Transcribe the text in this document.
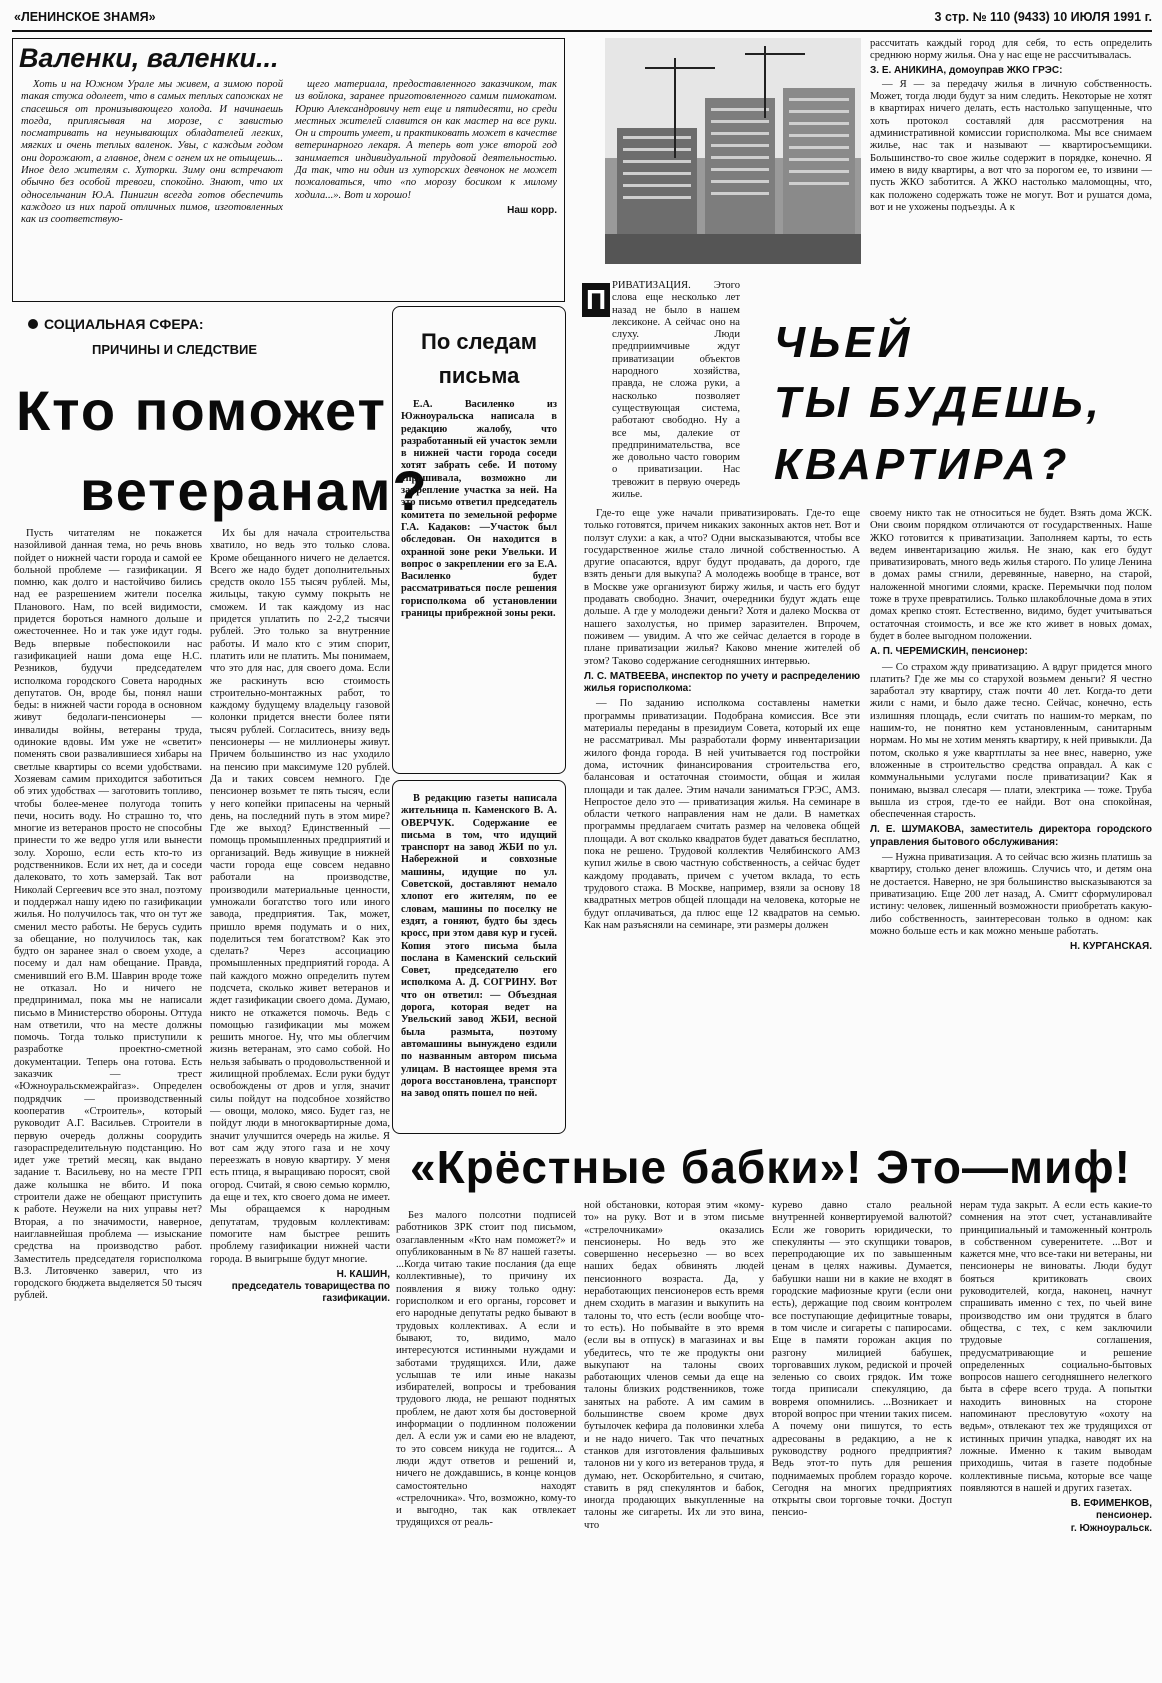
«ЛЕНИНСКОЕ ЗНАМЯ»	3 стр. № 110 (9433) 10 ИЮЛЯ 1991 г.
Валенки, валенки...

Хоть и на Южном Урале мы живем, а зимою порой такая стужа одолеет, что в самых теплых сапожках не спасешься от пронизывающего холода. И начинаешь тогда, приплясывая на морозе, с завистью посматривать на неунывающих обладателей легких, мягких и очень теплых валенок. Увы, с каждым годом они дорожают, а главное, днем с огнем их не отыщешь... Иное дело жителям с. Хуторки. Зиму они встречают обычно без особой тревоги, спокойно. Знают, что их односельчанин Ю.А. Пинигин всегда готов обеспечить каждого из них парой отличных пимов, изготовленных как из соответствую-

щего материала, предоставленного заказчиком, так из войлока, заранее приготовленного самим пимокатом. Юрию Александровичу нет еще и пятидесяти, но среди местных жителей славится он как мастер на все руки. Он и строить умеет, и практиковать может в качестве ветеринарного лекаря. А теперь вот уже второй год занимается индивидуальной трудовой деятельностью. Да так, что ни один из хуторских девчонок не может пожаловаться, что «по морозу босиком к милому ходила...». Вот и хорошо!

Наш корр.

рассчитать каждый город для себя, то есть определить среднюю норму жилья. Она у нас еще не рассчитывалась.

З. Е. АНИКИНА, домоуправ ЖКО ГРЭС:

— Я — за передачу жилья в личную собственность. Может, тогда люди будут за ним следить. Некоторые не хотят в квартирах ничего делать, есть настолько запущенные, что хоть протокол составляй для рассмотрения на административной комиссии горисполкома. Мы все снимаем жилье, нас так и называют — квартиросъемщики. Большинство-то свое жилье содержит в порядке, конечно. Я имею в виду квартиры, а вот что за порогом ее, то извини — пусть ЖКО заботится. А ЖКО настолько маломощны, что, как положено содержать тоже не могут. Вот и рушатся дома, вот и не ухожены подъезды. А к

СОЦИАЛЬНАЯ СФЕРА:
ПРИЧИНЫ И СЛЕДСТВИЕ
Кто поможет
ветеранам?

Пусть читателям не покажется назойливой данная тема, но речь вновь пойдет о нижней части города и самой ее больной проблеме — газификации. Я помню, как долго и настойчиво бились над ее разрешением жители поселка Планового. Нам, по всей видимости, придется бороться намного дольше и ожесточеннее. Но и так уже идут годы. Ведь впервые побеспокоили нас газификацией наши дома еще Н.С. Резников, будучи председателем исполкома городского Совета народных депутатов. Он, вроде бы, понял наши беды: в нижней части города в основном живут бедолаги-пенсионеры — инвалиды войны, ветераны труда, одинокие вдовы. Им уже не «светит» поменять свои развалившиеся хибары на светлые квартиры со всеми удобствами. Хозяевам самим приходится заботиться об этих удобствах — заготовить топливо, чтобы более-менее полугода топить печи, носить воду. Но страшно то, что многие из ветеранов просто не способны принести то же ведро угля или вынести золу. Хорошо, если есть кто-то из родственников. Если их нет, да и соседи далековато, то хоть замерзай. Так вот Николай Сергеевич все это знал, поэтому и поддержал нашу идею по газификации жилья. Но получилось так, что он тут же сменил место работы. Не берусь судить за обещание, но получилось так, как будто он заранее знал о своем уходе, а посему и дал нам обещание. Правда, сменивший его В.М. Шаврин вроде тоже не отказал. Но и ничего не предпринимал, пока мы не написали письмо в Министерство обороны. Оттуда нам ответили, что на месте должны помочь. Тогда только приступили к разработке проектно-сметной документации. Теперь она готова. Есть заказчик — трест «Южноуральскмежрайгаз». Определен подрядчик — производственный кооператив «Строитель», который руководит А.Г. Васильев. Строители в первую очередь должны соорудить газораспределительную подстанцию. Но идет уже третий месяц, как выдано задание т. Васильеву, но на месте ГРП даже колышка не вбито. И пока строители даже не обещают приступить к работе. Неужели на них управы нет? Вторая, а по значимости, наверное, наиглавнейшая проблема — изыскание средства на производство работ. Заместитель председателя горисполкома В.З. Литовченко заверил, что из городского бюджета выделяется 50 тысяч рублей.

Их бы для начала строительства хватило, но ведь это только слова. Кроме обещанного ничего не делается. Всего же надо будет дополнительных средств около 155 тысяч рублей. Мы, жильцы, такую сумму покрыть не сможем. И так каждому из нас придется уплатить по 2-2,2 тысячи рублей. Это только за внутренние работы. И мало кто с этим спорит, платить или не платить. Мы понимаем, что это для нас, для своего дома. Если же раскинуть всю стоимость строительно-монтажных работ, то каждому будущему владельцу газовой колонки придется внести более пяти тысяч рублей. Согласитесь, внизу ведь пенсионеры — не миллионеры живут. Причем большинство из нас уходило на пенсию при максимуме 120 рублей. Да и таких совсем немного. Где пенсионер возьмет те пять тысяч, если у него копейки припасены на черный день, на последний путь в этом мире? Где же выход? Единственный — помощь промышленных предприятий и организаций. Ведь живущие в нижней части города еще совсем недавно работали на производстве, производили материальные ценности, умножали богатство того или иного завода, предприятия. Так, может, пришло время подумать и о них, поделиться тем богатством? Как это сделать? Через ассоциацию промышленных предприятий города. А пай каждого можно определить путем подсчета, сколько живет ветеранов и ждет газификации своего дома. Думаю, никто не откажется помочь. Ведь с помощью газификации мы можем решить многое. Ну, что мы облегчим жизнь ветеранам, это само собой. Но нельзя забывать о продовольственной и жилищной проблемах. Если руки будут освобождены от дров и угля, значит силы пойдут на подсобное хозяйство — овощи, молоко, мясо. Будет газ, не пойдут люди в многоквартирные дома, значит улучшится очередь на жилье. Я вот сам жду этого газа и не хочу переезжать в новую квартиру. У меня есть птица, я выращиваю поросят, свой огород. Считай, я свою семью кормлю, да еще и тех, кто своего дома не имеет. Мы обращаемся к народным депутатам, трудовым коллективам: помогите нам быстрее решить проблему газификации нижней части города. В выигрыше будут многие.

Н. КАШИН,
председатель товарищества по газификации.
По следам
письма

Е.А. Василенко из Южноуральска написала в редакцию жалобу, что разработанный ей участок земли в нижней части города соседи хотят забрать себе. И потому спрашивала, возможно ли закрепление участка за ней. На это письмо ответил председатель комитета по земельной реформе Г.А. Кадаков: —Участок был обследован. Он находится в охранной зоне реки Увельки. И вопрос о закреплении его за Е.А. Василенко будет рассматриваться после решения горисполкома об установлении границы прибрежной зоны реки.

В редакцию газеты написала жительница п. Каменского В. А. ОВЕРЧУК. Содержание ее письма в том, что идущий транспорт на завод ЖБИ по ул. Набережной и совхозные машины, идущие по ул. Советской, доставляют немало хлопот его жителям, по ее словам, машины по поселку не ездят, а гоняют, будто бы здесь кросс, при этом давя кур и гусей. Копия этого письма была послана в Каменский сельский Совет, председателю его исполкома А. Д. СОГРИНУ. Вот что он ответил: — Объездная дорога, которая ведет на Увельский завод ЖБИ, весной была размыта, поэтому автомашины вынуждено ездили по названным автором письма улицам. В настоящее время эта дорога восстановлена, транспорт на завод опять пошел по ней.

П РИВАТИЗАЦИЯ. Этого слова еще несколько лет назад не было в нашем лексиконе. А сейчас оно на слуху. Люди предприимчивые ждут приватизации объектов народного хозяйства, правда, не сложа руки, а насколько позволяет существующая система, работают свободно. Ну а все мы, далекие от предпринимательства, все же довольно часто говорим о приватизации. Нас тревожит в первую очередь жилье.

ЧЬЕЙ
ТЫ БУДЕШЬ,
КВАРТИРА?

Где-то еще уже начали приватизировать. Где-то еще только готовятся, причем никаких законных актов нет. Вот и ползут слухи: а как, а что? Одни высказываются, чтобы все государственное жилье стало личной собственностью. А другие опасаются, вдруг будут продавать, да дорого, где взять деньги для выкупа? А молодежь вообще в трансе, вот в Москве уже организуют биржу жилья, и часть его будут продавать свободно. Значит, очередники будут ждать еще дольше. А где у молодежи деньги? Хотя и далеко Москва от нашего захолустья, но пример заразителен. Впрочем, поживем — увидим. А что же сейчас делается в городе в плане приватизации жилья? Каково мнение жителей об этом? Таково содержание сегодняшних интервью.

Л. С. МАТВЕЕВА, инспектор по учету и распределению жилья горисполкома:

— По заданию исполкома составлены наметки программы приватизации. Подобрана комиссия. Все эти материалы переданы в президиум Совета, который их еще не рассматривал. Мы разработали форму инвентаризации жилого фонда города. В ней учитывается год постройки дома, источник финансирования строительства его, балансовая и остаточная стоимости, общая и жилая площади и так далее. Этим начали заниматься ГРЭС, АМЗ. Непростое дело это — приватизация жилья. На семинаре в области четкого направления нам не дали. В наметках программы предлагаем считать размер на человека общей площади. А вот сколько квадратов будет даваться бесплатно, пока не решено. Трудовой коллектив Челябинского АМЗ купил жилье в свою частную собственность, а сейчас будет каждому продавать, причем с учетом вклада, то есть трудового стажа. В Москве, например, взяли за основу 18 квадратных метров общей площади на человека, которые не будут оплачиваться, да плюс еще 12 квадратов на семью. Как нам разъясняли на семинаре, эти размеры должен

своему никто так не относиться не будет. Взять дома ЖСК. Они своим порядком отличаются от государственных. Наше ЖКО готовится к приватизации. Заполняем карты, то есть ведем инвентаризацию жилья. Не знаю, как его будут приватизировать, много ведь жилья старого. По улице Ленина в домах рамы сгнили, деревянные, наверно, на старой, наложенной многими слоями, краске. Перемычки под полом тоже в трухе превратились. Только шлакоблочные дома в этих домах крепко стоят. Естественно, видимо, будет учитываться остаточная стоимость, и все же кто живет в новых домах, будет в более выгодном положении.

А. П. ЧЕРЕМИСКИН, пенсионер:

— Со страхом жду приватизацию. А вдруг придется много платить? Где же мы со старухой возьмем деньги? Я честно заработал эту квартиру, стаж почти 40 лет. Когда-то дети жили с нами, и было даже тесно. Сейчас, конечно, есть излишняя площадь, если считать по нашим-то меркам, по нашим-то, не понятно кем установленным, санитарным нормам. Но мы не хотим менять квартиру, к ней привыкли. Да потом, сколько я уже квартплаты за нее внес, наверно, уже вложенные в строительство средства оправдал. А как с коммунальными услугами после приватизации? Как я понимаю, вызвал слесаря — плати, электрика — тоже. Труба вышла из строя, где-то ее найди. Вот она спокойная, обеспеченная старость.

Л. Е. ШУМАКОВА, заместитель директора городского управления бытового обслуживания:

— Нужна приватизация. А то сейчас всю жизнь платишь за квартиру, столько денег вложишь. Случись что, и детям она не достается. Наверно, не зря большинство высказываются за приватизацию. Еще 200 лет назад, А. Смитт сформулировал истину: человек, лишенный возможности приобретать какую-либо собственность, заинтересован только в одном: как можно больше есть и как можно меньше работать.

Н. КУРГАНСКАЯ.
«Крёстные бабки»! Это—миф!

Без малого полсотни подписей работников ЗРК стоит под письмом, озаглавленным «Кто нам поможет?» и опубликованным в № 87 нашей газеты. ...Когда читаю такие послания (да еще коллективные), то причину их появления я вижу только одну: горисполком и его органы, горсовет и его народные депутаты редко бывают в трудовых коллективах. А если и бывают, то, видимо, мало интересуются истинными нуждами и заботами трудящихся. Или, даже услышав те или иные наказы избирателей, вопросы и требования трудового люда, не решают поднятых проблем, не дают хотя бы достоверной информации о подлинном положении дел. А если уж и сами ею не владеют, то это совсем никуда не годится... А люди ждут ответов и решений и, ничего не дождавшись, в конце концов самостоятельно находят «стрелочника». Что, возможно, кому-то и выгодно, так как отвлекает трудящихся от реаль-

ной обстановки, которая этим «кому-то» на руку. Вот и в этом письме «стрелочниками» оказались пенсионеры. Но ведь это же совершенно несерьезно — во всех наших бедах обвинять людей пенсионного возраста. Да, у неработающих пенсионеров есть время днем сходить в магазин и выкупить на талоны то, что есть (если вообще что-то есть). Но побывайте в это время (если вы в отпуск) в магазинах и вы убедитесь, что те же продукты они выкупают на талоны своих работающих членов семьи да еще на талоны близких родственников, тоже занятых на работе. А им самим в большинстве своем кроме двух бутылочек кефира да половинки хлеба и не надо ничего. Так что печатных станков для изготовления фальшивых талонов ни у кого из ветеранов труда, я думаю, нет. Оскорбительно, я считаю, ставить в ряд спекулянтов и бабок, иногда продающих выкупленные на талоны же сигареты. Их ли это вина, что

курево давно стало реальной внутренней конвертируемой валютой? Если же говорить юридически, то спекулянты — это скупщики товаров, перепродающие их по завышенным ценам в целях наживы. Думается, бабушки наши ни в какие не входят в городские мафиозные круги (если они есть), держащие под своим контролем все поступающие дефицитные товары, в том числе и сигареты с папиросами. Еще в памяти горожан акция по разгону милицией бабушек, торговавших луком, редиской и прочей зеленью со своих грядок. Им тоже тогда приписали спекуляцию, да вовремя опомнились. ...Возникает и второй вопрос при чтении таких писем. А почему они пишутся, то есть адресованы в редакцию, а не к руководству родного предприятия? Ведь этот-то путь для решения поднимаемых проблем гораздо короче. Сегодня на многих предприятиях открыты свои торговые точки. Доступ пенсио-

нерам туда закрыт. А если есть какие-то сомнения на этот счет, устанавливайте принципиальный и таможенный контроль в собственном суверенитете. ...Вот и кажется мне, что все-таки ни ветераны, ни пенсионеры не виноваты. Люди будут бояться критиковать своих руководителей, когда, наконец, начнут спрашивать именно с тех, по чьей вине производство им они трудятся в благо общества, с тех, с кем заключили трудовые соглашения, предусматривающие и решение определенных социально-бытовых вопросов нашего сегодняшнего нелегкого быта в сфере всего труда. А попытки находить виновных на стороне напоминают пресловутую «охоту на ведьм», отвлекают тех же трудящихся от истинных причин упадка, наводят их на ложные. Именно к таким выводам приходишь, читая в газете подобные коллективные письма, которые все чаще появляются в нашей и других газетах.

В. ЕФИМЕНКОВ,
пенсионер.
г. Южноуральск.
